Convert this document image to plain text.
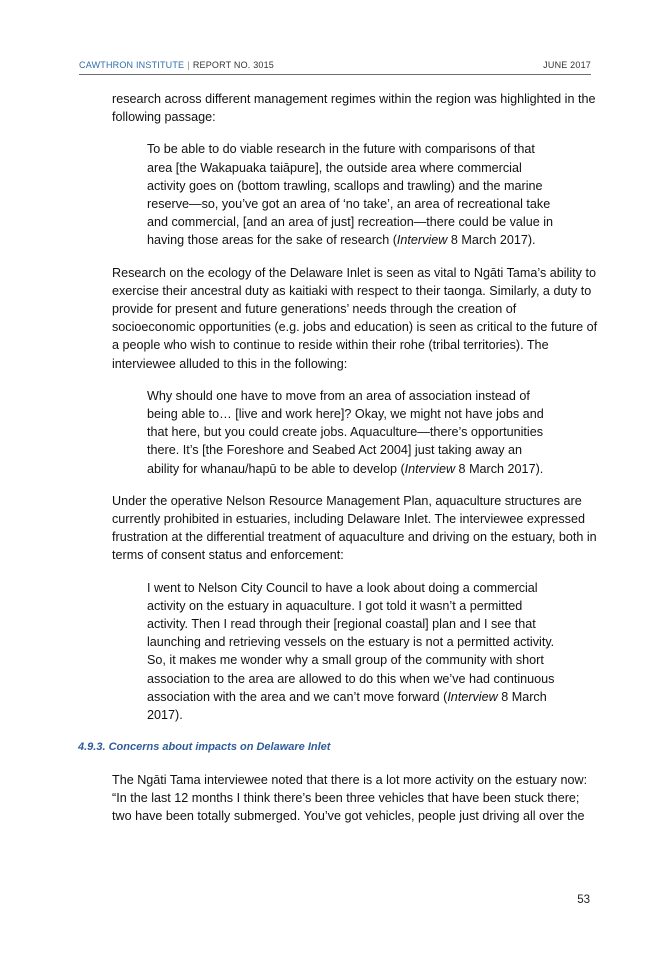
CAWTHRON INSTITUTE | REPORT NO. 3015	JUNE 2017

research across different management regimes within the region was highlighted in the following passage:

To be able to do viable research in the future with comparisons of that area [the Wakapuaka taiāpure], the outside area where commercial activity goes on (bottom trawling, scallops and trawling) and the marine reserve—so, you’ve got an area of ‘no take’, an area of recreational take and commercial, [and an area of just] recreation—there could be value in having those areas for the sake of research (Interview 8 March 2017).

Research on the ecology of the Delaware Inlet is seen as vital to Ngāti Tama’s ability to exercise their ancestral duty as kaitiaki with respect to their taonga. Similarly, a duty to provide for present and future generations’ needs through the creation of socioeconomic opportunities (e.g. jobs and education) is seen as critical to the future of a people who wish to continue to reside within their rohe (tribal territories). The interviewee alluded to this in the following:

Why should one have to move from an area of association instead of being able to… [live and work here]? Okay, we might not have jobs and that here, but you could create jobs. Aquaculture—there’s opportunities there. It’s [the Foreshore and Seabed Act 2004] just taking away an ability for whanau/hapū to be able to develop (Interview 8 March 2017).

Under the operative Nelson Resource Management Plan, aquaculture structures are currently prohibited in estuaries, including Delaware Inlet. The interviewee expressed frustration at the differential treatment of aquaculture and driving on the estuary, both in terms of consent status and enforcement:

I went to Nelson City Council to have a look about doing a commercial activity on the estuary in aquaculture. I got told it wasn’t a permitted activity. Then I read through their [regional coastal] plan and I see that launching and retrieving vessels on the estuary is not a permitted activity. So, it makes me wonder why a small group of the community with short association to the area are allowed to do this when we’ve had continuous association with the area and we can’t move forward (Interview 8 March 2017).

4.9.3. Concerns about impacts on Delaware Inlet

The Ngāti Tama interviewee noted that there is a lot more activity on the estuary now: “In the last 12 months I think there’s been three vehicles that have been stuck there; two have been totally submerged. You’ve got vehicles, people just driving all over the

53
